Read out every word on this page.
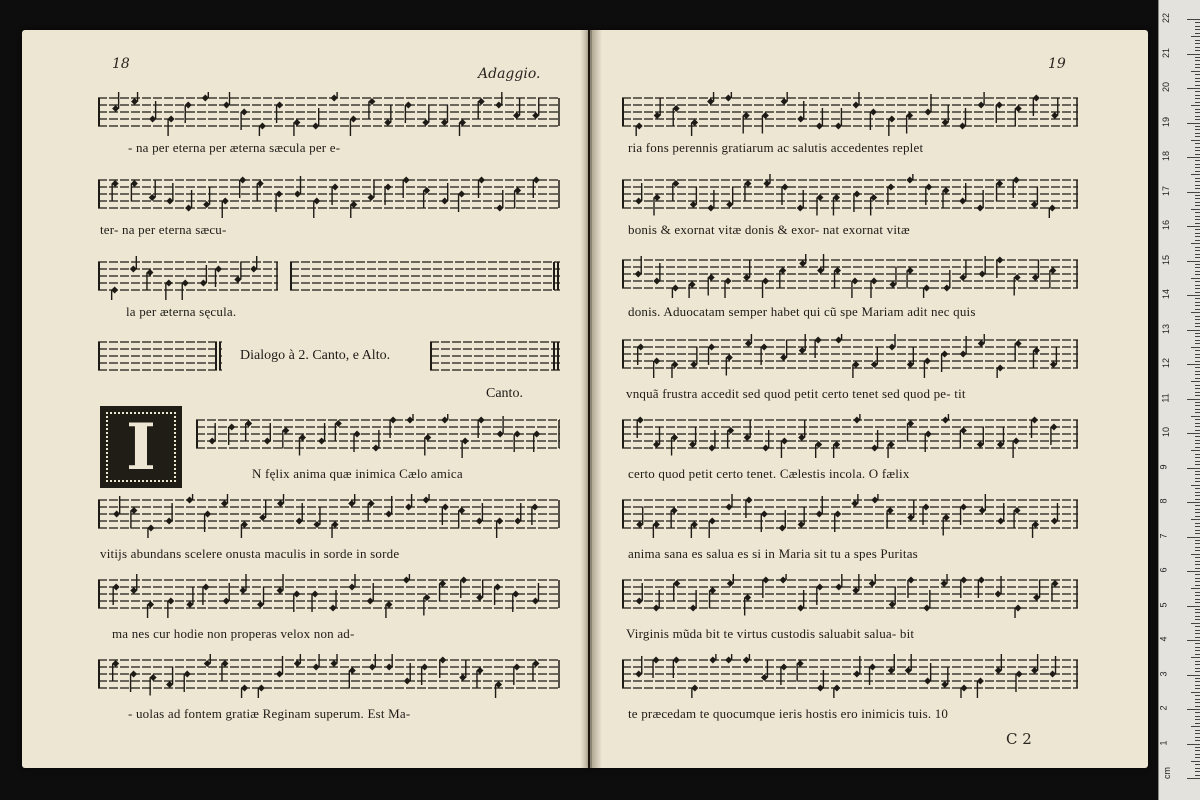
18
Adaggio.
19
- na per eterna per æterna sæcula per e-
ter- na per eterna sæcu-
la per æterna sęcula.
Dialogo à 2. Canto, e Alto.
Canto.
I	N fęlix anima quæ inimica Cælo amica
vitijs abundans scelere onusta maculis in sorde in sorde
ma nes cur hodie non properas velox non ad-
- uolas ad fontem gratiæ Reginam superum. Est Ma-
ria fons perennis gratiarum ac salutis accedentes replet
bonis & exornat vitæ donis & exor- nat exornat vitæ
donis. Aduocatam semper habet qui cũ spe Mariam adit nec quis
vnquã frustra accedit sed quod petit certo tenet sed quod pe- tit
certo quod petit certo tenet. Cælestis incola. O fælix
anima sana es salua es si in Maria sit tu a spes Puritas
Virginis mũda bit te virtus custodis saluabit salua- bit
te præcedam te quocumque ieris hostis ero inimicis tuis. 10
C 2	1
2
3
4
5
6
7
8
9
10
11
12
13
14
15
16
17
18
19
20
21
22
cm
